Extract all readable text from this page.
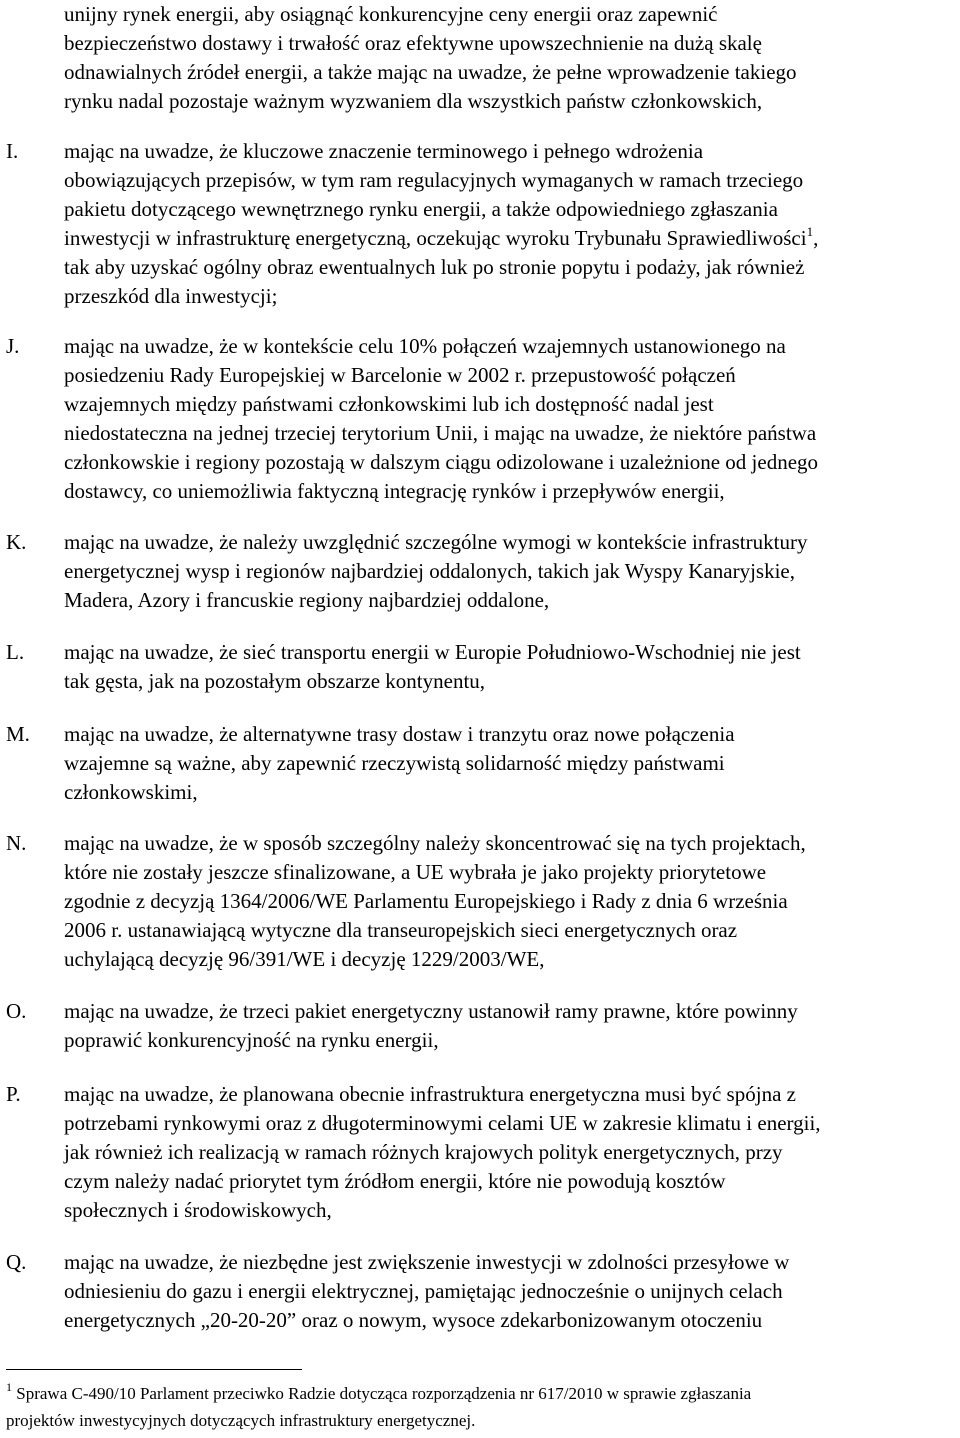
unijny rynek energii, aby osiągnąć konkurencyjne ceny energii oraz zapewnić
bezpieczeństwo dostawy i trwałość oraz efektywne upowszechnienie na dużą skalę
odnawialnych źródeł energii, a także mając na uwadze, że pełne wprowadzenie takiego
rynku nadal pozostaje ważnym wyzwaniem dla wszystkich państw członkowskich,
I. mając na uwadze, że kluczowe znaczenie terminowego i pełnego wdrożenia
obowiązujących przepisów, w tym ram regulacyjnych wymaganych w ramach trzeciego
pakietu dotyczącego wewnętrznego rynku energii, a także odpowiedniego zgłaszania
inwestycji w infrastrukturę energetyczną, oczekując wyroku Trybunału Sprawiedliwości$^1$,
tak aby uzyskać ogólny obraz ewentualnych luk po stronie popytu i podaży, jak również
przeszkód dla inwestycji;
J. mając na uwadze, że w kontekście celu 10% połączeń wzajemnych ustanowionego na
posiedzeniu Rady Europejskiej w Barcelonie w 2002 r. przepustowość połączeń
wzajemnych między państwami członkowskimi lub ich dostępność nadal jest
niedostateczna na jednej trzeciej terytorium Unii, i mając na uwadze, że niektóre państwa
członkowskie i regiony pozostają w dalszym ciągu odizolowane i uzależnione od jednego
dostawcy, co uniemożliwia faktyczną integrację rynków i przepływów energii,
K. mając na uwadze, że należy uwzględnić szczególne wymogi w kontekście infrastruktury
energetycznej wysp i regionów najbardziej oddalonych, takich jak Wyspy Kanaryjskie,
Madera, Azory i francuskie regiony najbardziej oddalone,
L. mając na uwadze, że sieć transportu energii w Europie Południowo-Wschodniej nie jest
tak gęsta, jak na pozostałym obszarze kontynentu,
M. mając na uwadze, że alternatywne trasy dostaw i tranzytu oraz nowe połączenia
wzajemne są ważne, aby zapewnić rzeczywistą solidarność między państwami
członkowskimi,
N. mając na uwadze, że w sposób szczególny należy skoncentrować się na tych projektach,
które nie zostały jeszcze sfinalizowane, a UE wybrała je jako projekty priorytetowe
zgodnie z decyzją 1364/2006/WE Parlamentu Europejskiego i Rady z dnia 6 września
2006 r. ustanawiającą wytyczne dla transeuropejskich sieci energetycznych oraz
uchylającą decyzję 96/391/WE i decyzję 1229/2003/WE,
O. mając na uwadze, że trzeci pakiet energetyczny ustanowił ramy prawne, które powinny
poprawić konkurencyjność na rynku energii,
P. mając na uwadze, że planowana obecnie infrastruktura energetyczna musi być spójna z
potrzebami rynkowymi oraz z długoterminowymi celami UE w zakresie klimatu i energii,
jak również ich realizacją w ramach różnych krajowych polityk energetycznych, przy
czym należy nadać priorytet tym źródłom energii, które nie powodują kosztów
społecznych i środowiskowych,
Q. mając na uwadze, że niezbędne jest zwiększenie inwestycji w zdolności przesyłowe w
odniesieniu do gazu i energii elektrycznej, pamiętając jednocześnie o unijnych celach
energetycznych „20-20-20” oraz o nowym, wysoce zdekarbonizowanym otoczeniu
$^1$ Sprawa C-490/10 Parlament przeciwko Radzie dotycząca rozporządzenia nr 617/2010 w sprawie zgłaszania
projektów inwestycyjnych dotyczących infrastruktury energetycznej.
